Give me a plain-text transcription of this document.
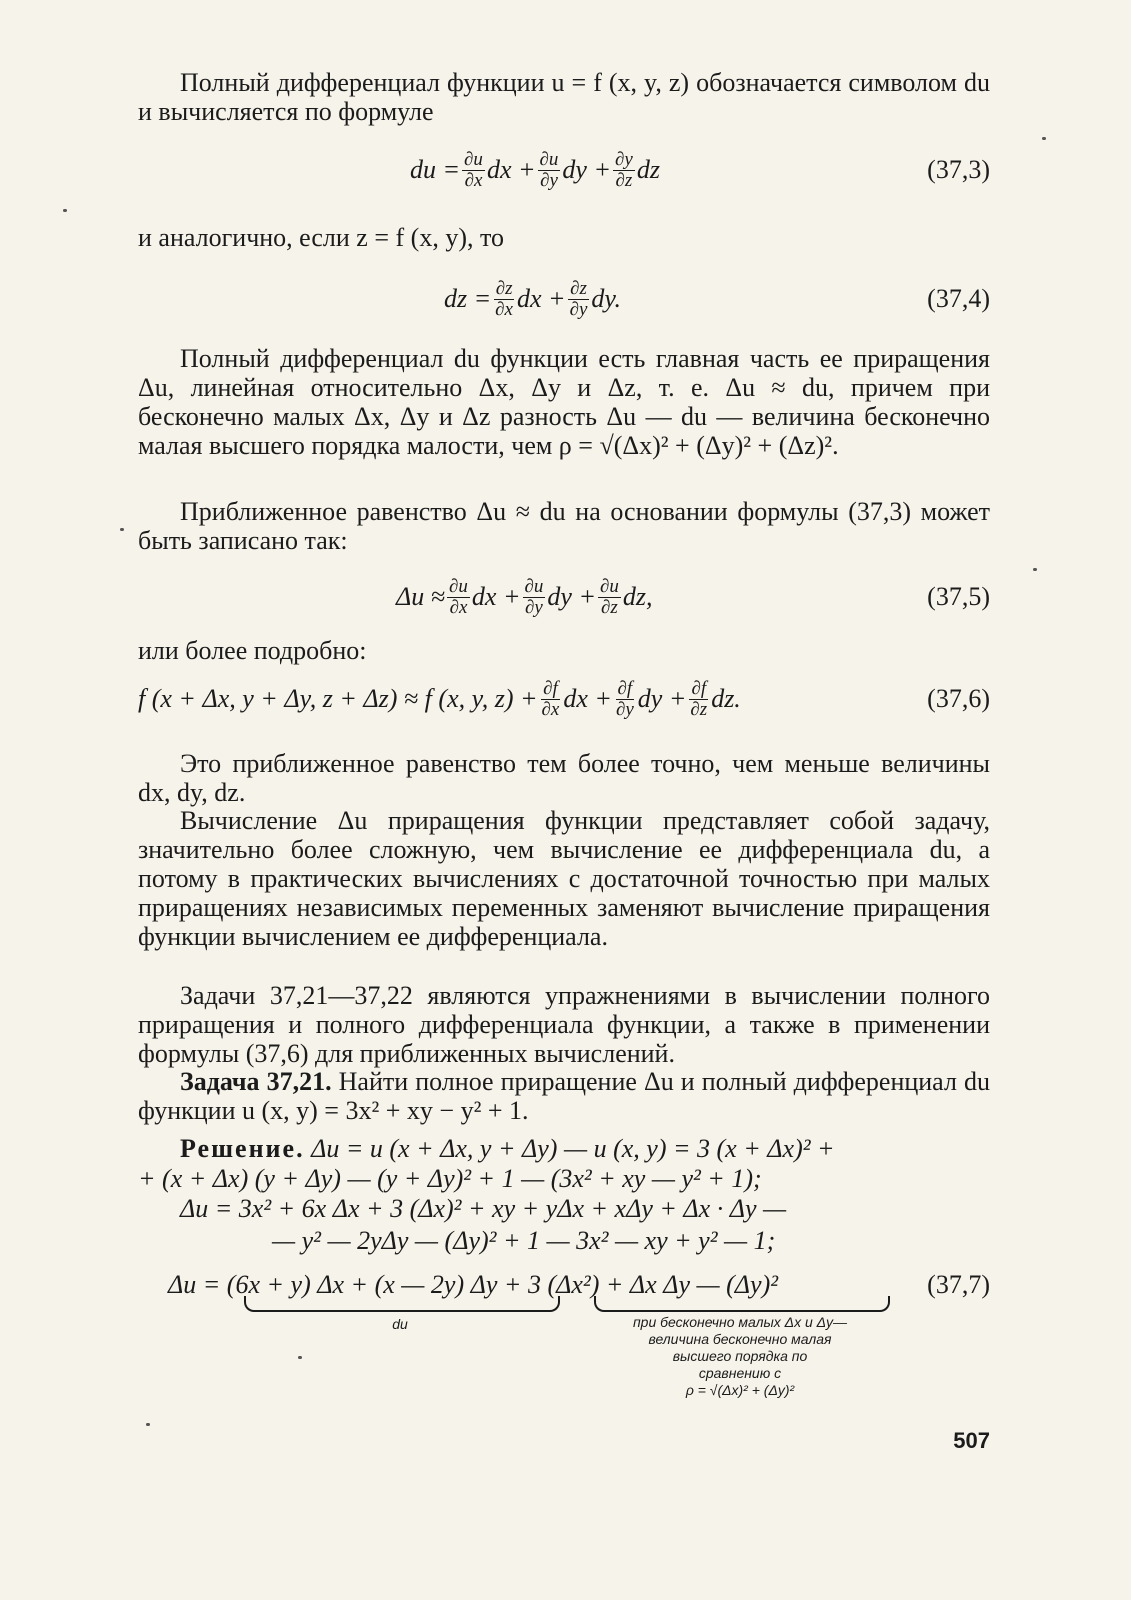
Полный дифференциал функции u = f (x, y, z) обозначается символом du и вычисляется по формуле
du = $\frac{\partial u}{\partial x}$ dx + $\frac{\partial u}{\partial y}$ dy + $\frac{\partial y}{\partial z}$ dz	(37,3)
и аналогично, если z = f (x, y), то
dz = $\frac{\partial z}{\partial x}$ dx + $\frac{\partial z}{\partial y}$ dy.	(37,4)
Полный дифференциал du функции есть главная часть ее приращения Δu, линейная относительно Δx, Δy и Δz, т. е. Δu ≈ du, причем при бесконечно малых Δx, Δy и Δz разность Δu — du — величина бесконечно малая высшего порядка малости, чем ρ = √(Δx)² + (Δy)² + (Δz)².
Приближенное равенство Δu ≈ du на основании формулы (37,3) может быть записано так:
$\Delta u \approx \frac{\partial u}{\partial x}$ dx + $\frac{\partial u}{\partial y}$ dy + $\frac{\partial u}{\partial z}$ dz,	(37,5)
или более подробно:
f (x + Δx, y + Δy, z + Δz) ≈ f (x, y, $z) + \frac{\partial f}{\partial x}$ dx + $\frac{\partial f}{\partial y}$ dy + $\frac{\partial f}{\partial z}$ dz.	(37,6)
Это приближенное равенство тем более точно, чем меньше величины dx, dy, dz.
Вычисление Δu приращения функции представляет собой задачу, значительно более сложную, чем вычисление ее дифференциала du, а потому в практических вычислениях с достаточной точностью при малых приращениях независимых переменных заменяют вычисление приращения функции вычислением ее дифференциала.
Задачи 37,21—37,22 являются упражнениями в вычислении полного приращения и полного дифференциала функции, а также в применении формулы (37,6) для приближенных вычислений.
Задача 37,21. Найти полное приращение Δu и полный дифференциал du функции u (x, y) = 3x² + xy − y² + 1.
Решение. Δu = u (x + Δx, y + Δy) — u (x, y) = 3 (x + Δx)² +
+ (x + Δx) (y + Δy) — (y + Δy)² + 1 — (3x² + xy — y² + 1);
Δu = 3x² + 6x Δx + 3 (Δx)² + xy + yΔx + xΔy + Δx · Δy —
— y² — 2yΔy — (Δy)² + 1 — 3x² — xy + y² — 1;
Δu = (6x + y) Δx + (x — 2y) Δy + 3 (Δx²) + Δx Δy — (Δy)²	(37,7)
du	при бесконечно малых Δx и Δy—
величина бесконечно малая
высшего порядка по
сравнению с
ρ = √(Δx)² + (Δy)²
507
